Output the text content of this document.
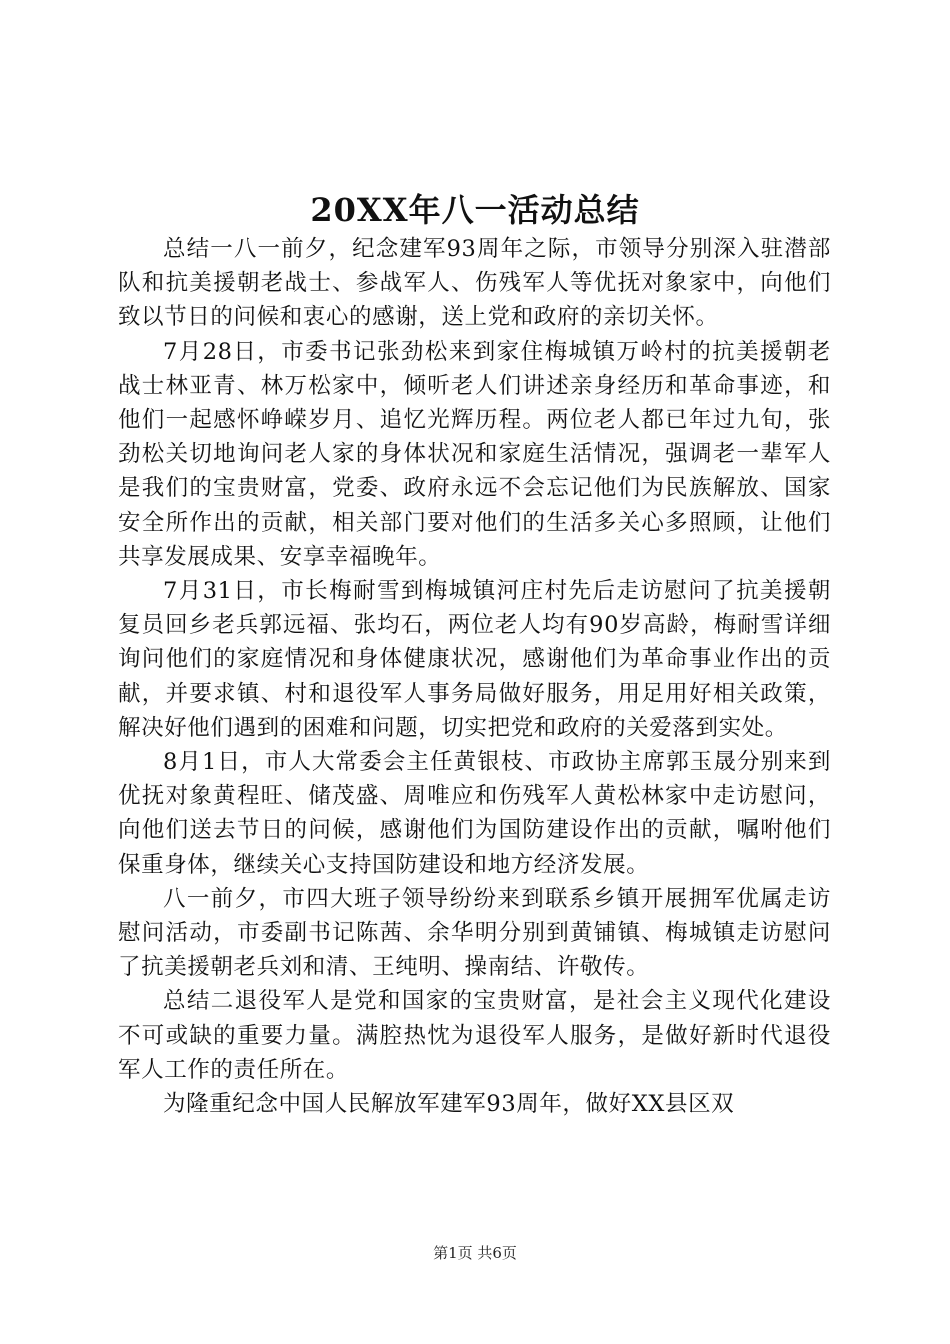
20XX年八一活动总结

总结一八一前夕，纪念建军93周年之际，市领导分别深入驻潜部队和抗美援朝老战士、参战军人、伤残军人等优抚对象家中，向他们致以节日的问候和衷心的感谢，送上党和政府的亲切关怀。

7月28日，市委书记张劲松来到家住梅城镇万岭村的抗美援朝老战士林亚青、林万松家中，倾听老人们讲述亲身经历和革命事迹，和他们一起感怀峥嵘岁月、追忆光辉历程。两位老人都已年过九旬，张劲松关切地询问老人家的身体状况和家庭生活情况，强调老一辈军人是我们的宝贵财富，党委、政府永远不会忘记他们为民族解放、国家安全所作出的贡献，相关部门要对他们的生活多关心多照顾，让他们共享发展成果、安享幸福晚年。

7月31日，市长梅耐雪到梅城镇河庄村先后走访慰问了抗美援朝复员回乡老兵郭远福、张均石，两位老人均有90岁高龄，梅耐雪详细询问他们的家庭情况和身体健康状况，感谢他们为革命事业作出的贡献，并要求镇、村和退役军人事务局做好服务，用足用好相关政策，解决好他们遇到的困难和问题，切实把党和政府的关爱落到实处。

8月1日，市人大常委会主任黄银枝、市政协主席郭玉晟分别来到优抚对象黄程旺、储茂盛、周唯应和伤残军人黄松林家中走访慰问，向他们送去节日的问候，感谢他们为国防建设作出的贡献，嘱咐他们保重身体，继续关心支持国防建设和地方经济发展。

八一前夕，市四大班子领导纷纷来到联系乡镇开展拥军优属走访慰问活动，市委副书记陈茜、余华明分别到黄铺镇、梅城镇走访慰问了抗美援朝老兵刘和清、王纯明、操南结、许敬传。

总结二退役军人是党和国家的宝贵财富，是社会主义现代化建设不可或缺的重要力量。满腔热忱为退役军人服务，是做好新时代退役军人工作的责任所在。

为隆重纪念中国人民解放军建军93周年，做好XX县区双

第1页 共6页
